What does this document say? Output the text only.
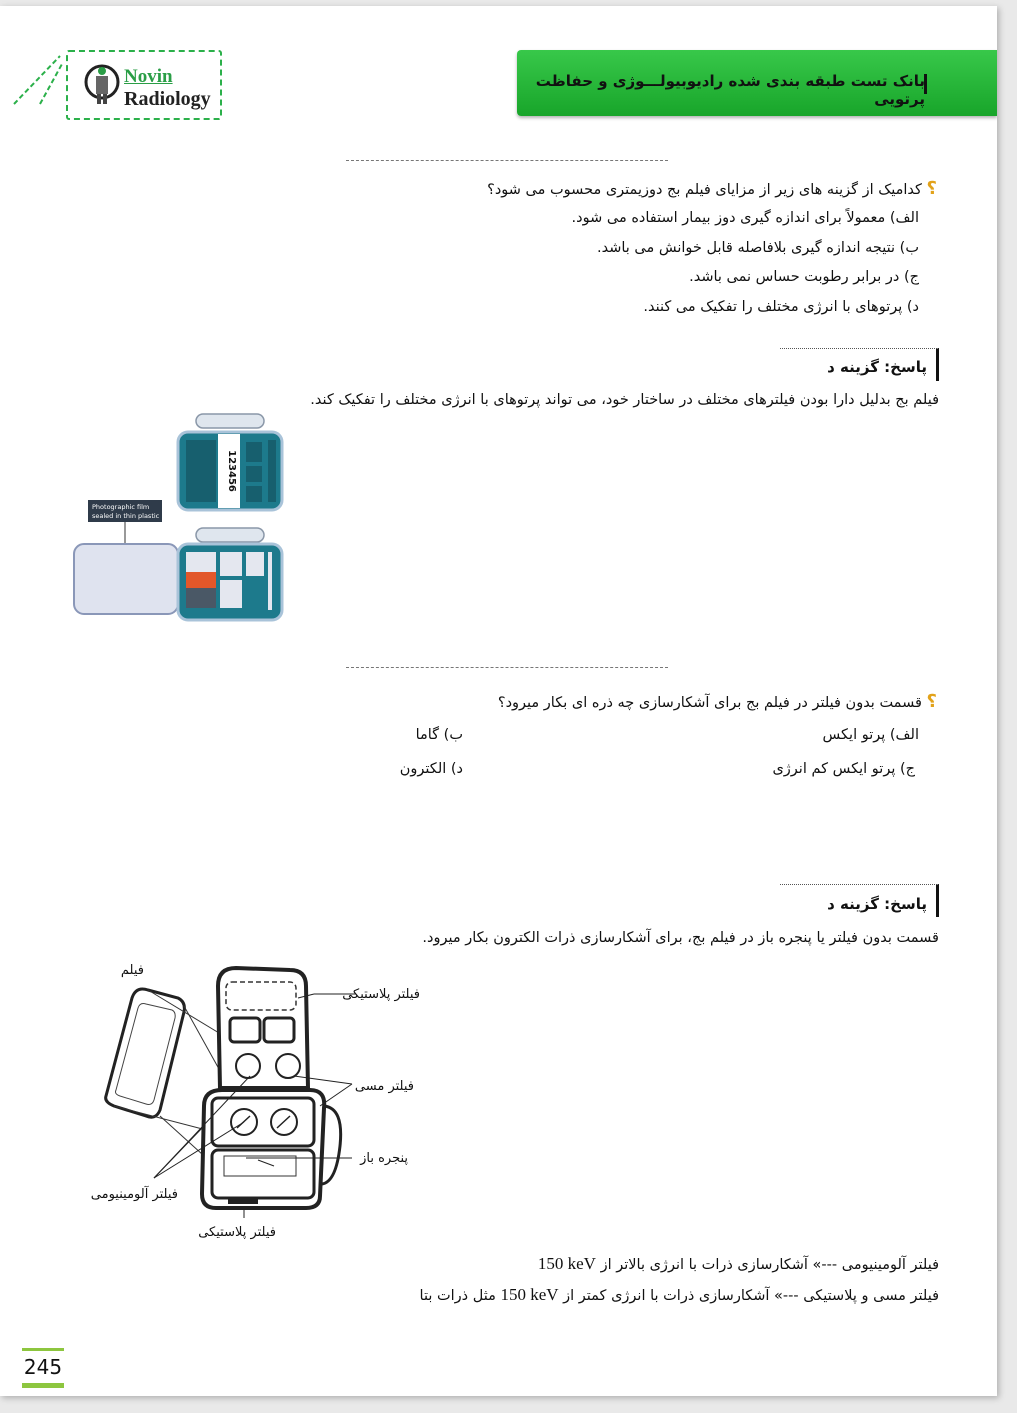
Novin
Radiology
بانک تست طبقه بندی شده رادیوبیولـــوژی و حفاظت پرتویی
؟ کدامیک از گزینه های زیر از مزایای فیلم بج دوزیمتری محسوب می شود؟
الف) معمولاً برای اندازه گیری دوز بیمار استفاده می شود.
ب) نتیجه اندازه گیری بلافاصله قابل خوانش می باشد.
ج) در برابر رطوبت حساس نمی باشد.
د) پرتوهای با انرژی مختلف را تفکیک می کنند.
پاسخ: گزینه د
فیلم بج بدلیل دارا بودن فیلترهای مختلف در ساختار خود، می تواند پرتوهای با انرژی مختلف را تفکیک کند.
123456
Photographic film
sealed in thin plastic
؟ قسمت بدون فیلتر در فیلم بج برای آشکارسازی چه ذره ای بکار میرود؟
الف) پرتو ایکس
ب) گاما
ج) پرتو ایکس کم انرژی
د) الکترون
پاسخ: گزینه د
قسمت بدون فیلتر یا پنجره باز در فیلم بج، برای آشکارسازی ذرات الکترون بکار میرود.
فیلم
فیلتر پلاستیکی
فیلتر مسی
پنجره باز
فیلتر آلومینیومی
فیلتر پلاستیکی
فیلتر آلومینیومی ---» آشکارسازی ذرات با انرژی بالاتر از 150 keV
فیلتر مسی و پلاستیکی ---» آشکارسازی ذرات با انرژی کمتر از 150 keV مثل ذرات بتا
245
